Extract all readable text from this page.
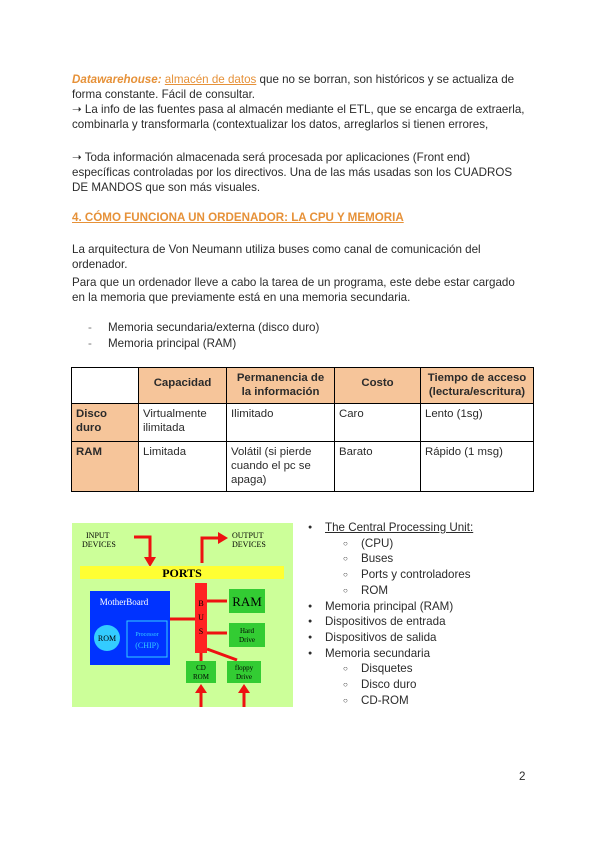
Datawarehouse: almacén de datos que no se borran, son históricos y se actualiza de forma constante. Fácil de consultar.
➝ La info de las fuentes pasa al almacén mediante el ETL, que se encarga de extraerla, combinarla y transformarla (contextualizar los datos, arreglarlos si tienen errores,
➝ Toda información almacenada será procesada por aplicaciones (Front end) específicas controladas por los directivos. Una de las más usadas son los CUADROS DE MANDOS que son más visuales.
4. CÓMO FUNCIONA UN ORDENADOR: LA CPU Y MEMORIA
La arquitectura de Von Neumann utiliza buses como canal de comunicación del ordenador.
Para que un ordenador lleve a cabo la tarea de un programa, este debe estar cargado en la memoria que previamente está en una memoria secundaria.
- Memoria secundaria/externa (disco duro)
- Memoria principal (RAM)
	Capacidad	Permanencia de la información	Costo	Tiempo de acceso (lectura/escritura)
Disco duro	Virtualmente ilimitada	Ilimitado	Caro	Lento (1sg)
RAM	Limitada	Volátil (si pierde cuando el pc se apaga)	Barato	Rápido (1 msg)
INPUT
DEVICES
OUTPUT
DEVICES
PORTS
MotherBoard
ROM	Processor
(CHIP)
B
U
S
RAM
Hard
Drive
CD
ROM
floppy
Drive
● The Central Processing Unit:
○ (CPU)
○ Buses
○ Ports y controladores
○ ROM
● Memoria principal (RAM)
● Dispositivos de entrada
● Dispositivos de salida
● Memoria secundaria
○ Disquetes
○ Disco duro
○ CD-ROM
2
